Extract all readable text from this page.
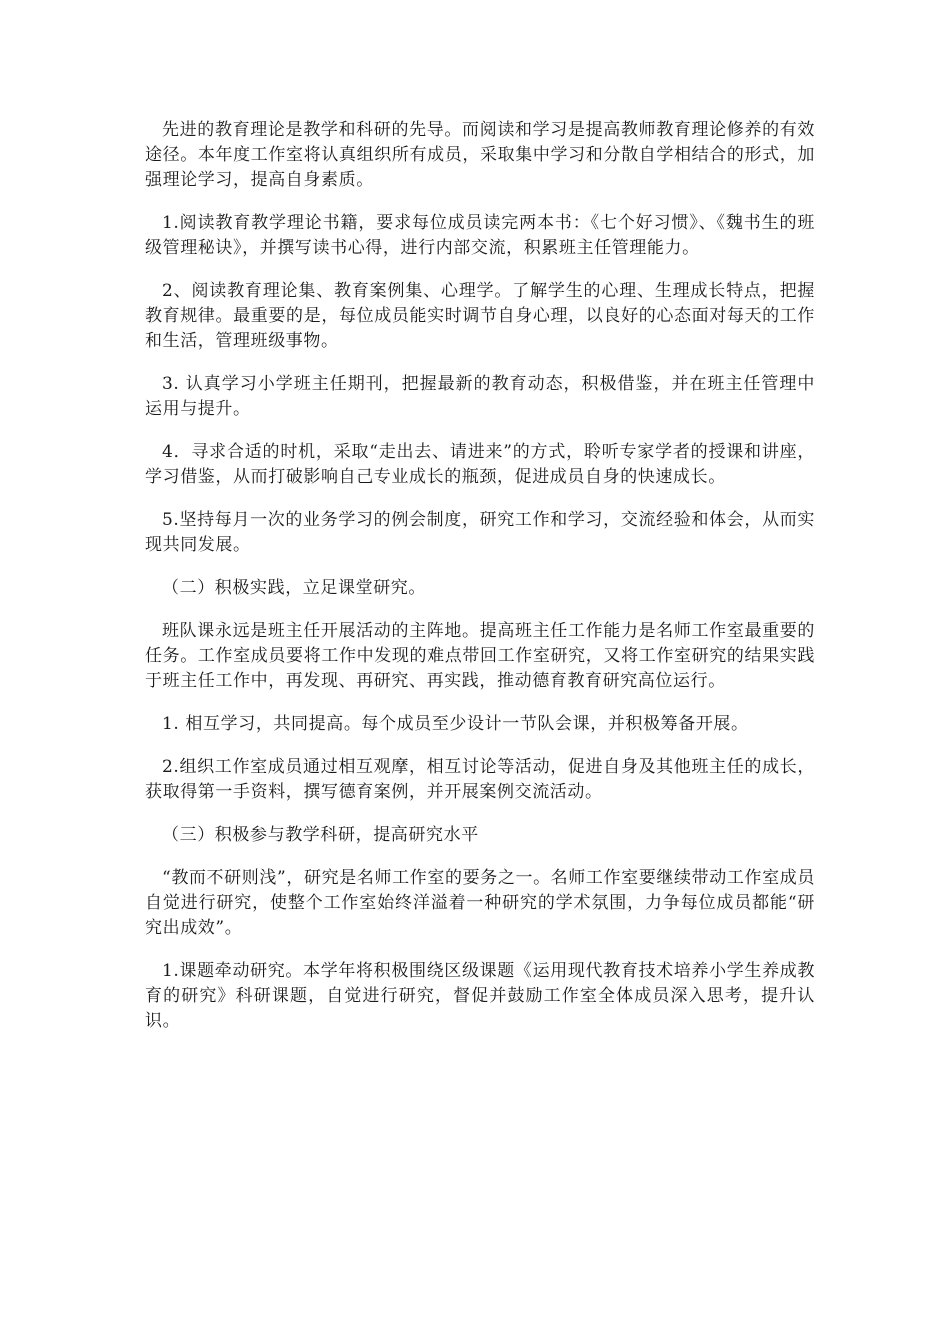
先进的教育理论是教学和科研的先导。而阅读和学习是提高教师教育理论修养的有效途径。本年度工作室将认真组织所有成员，采取集中学习和分散自学相结合的形式，加强理论学习，提高自身素质。

1.阅读教育教学理论书籍，要求每位成员读完两本书：《七个好习惯》、《魏书生的班级管理秘诀》，并撰写读书心得，进行内部交流，积累班主任管理能力。

2、阅读教育理论集、教育案例集、心理学。了解学生的心理、生理成长特点，把握教育规律。最重要的是，每位成员能实时调节自身心理，以良好的心态面对每天的工作和生活，管理班级事物。

3. 认真学习小学班主任期刊，把握最新的教育动态，积极借鉴，并在班主任管理中运用与提升。

4．寻求合适的时机，采取“走出去、请进来”的方式，聆听专家学者的授课和讲座，学习借鉴，从而打破影响自己专业成长的瓶颈，促进成员自身的快速成长。

5.坚持每月一次的业务学习的例会制度，研究工作和学习，交流经验和体会，从而实现共同发展。

（二）积极实践，立足课堂研究。

班队课永远是班主任开展活动的主阵地。提高班主任工作能力是名师工作室最重要的任务。工作室成员要将工作中发现的难点带回工作室研究，又将工作室研究的结果实践于班主任工作中，再发现、再研究、再实践，推动德育教育研究高位运行。

1. 相互学习，共同提高。每个成员至少设计一节队会课，并积极筹备开展。

2.组织工作室成员通过相互观摩，相互讨论等活动，促进自身及其他班主任的成长，获取得第一手资料，撰写德育案例，并开展案例交流活动。

（三）积极参与教学科研，提高研究水平

“教而不研则浅”，研究是名师工作室的要务之一。名师工作室要继续带动工作室成员自觉进行研究，使整个工作室始终洋溢着一种研究的学术氛围，力争每位成员都能“研究出成效”。

1.课题牵动研究。本学年将积极围绕区级课题《运用现代教育技术培养小学生养成教育的研究》科研课题，自觉进行研究，督促并鼓励工作室全体成员深入思考，提升认识。
